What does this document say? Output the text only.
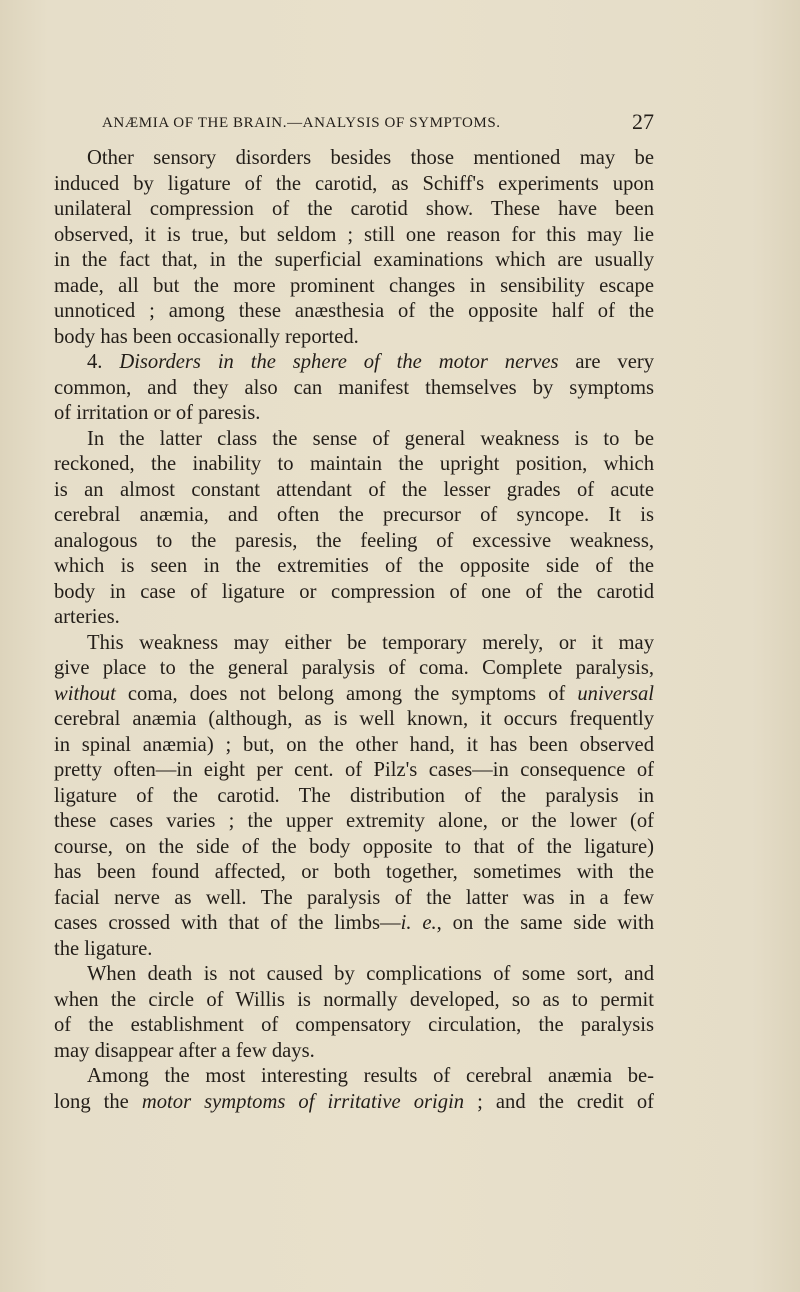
ANÆMIA OF THE BRAIN.—ANALYSIS OF SYMPTOMS.	27
Other sensory disorders besides those mentioned may be
induced by ligature of the carotid, as Schiff's experiments upon
unilateral compression of the carotid show. These have been
observed, it is true, but seldom ; still one reason for this may lie
in the fact that, in the superficial examinations which are usually
made, all but the more prominent changes in sensibility escape
unnoticed ; among these anæsthesia of the opposite half of the
body has been occasionally reported.
4. Disorders in the sphere of the motor nerves are very
common, and they also can manifest themselves by symptoms
of irritation or of paresis.
In the latter class the sense of general weakness is to be
reckoned, the inability to maintain the upright position, which
is an almost constant attendant of the lesser grades of acute
cerebral anæmia, and often the precursor of syncope. It is
analogous to the paresis, the feeling of excessive weakness,
which is seen in the extremities of the opposite side of the
body in case of ligature or compression of one of the carotid
arteries.
This weakness may either be temporary merely, or it may
give place to the general paralysis of coma. Complete paralysis,
without coma, does not belong among the symptoms of universal
cerebral anæmia (although, as is well known, it occurs frequently
in spinal anæmia) ; but, on the other hand, it has been observed
pretty often—in eight per cent. of Pilz's cases—in consequence of
ligature of the carotid. The distribution of the paralysis in
these cases varies ; the upper extremity alone, or the lower (of
course, on the side of the body opposite to that of the ligature)
has been found affected, or both together, sometimes with the
facial nerve as well. The paralysis of the latter was in a few
cases crossed with that of the limbs—i. e., on the same side with
the ligature.
When death is not caused by complications of some sort, and
when the circle of Willis is normally developed, so as to permit
of the establishment of compensatory circulation, the paralysis
may disappear after a few days.
Among the most interesting results of cerebral anæmia be-
long the motor symptoms of irritative origin ; and the credit of
